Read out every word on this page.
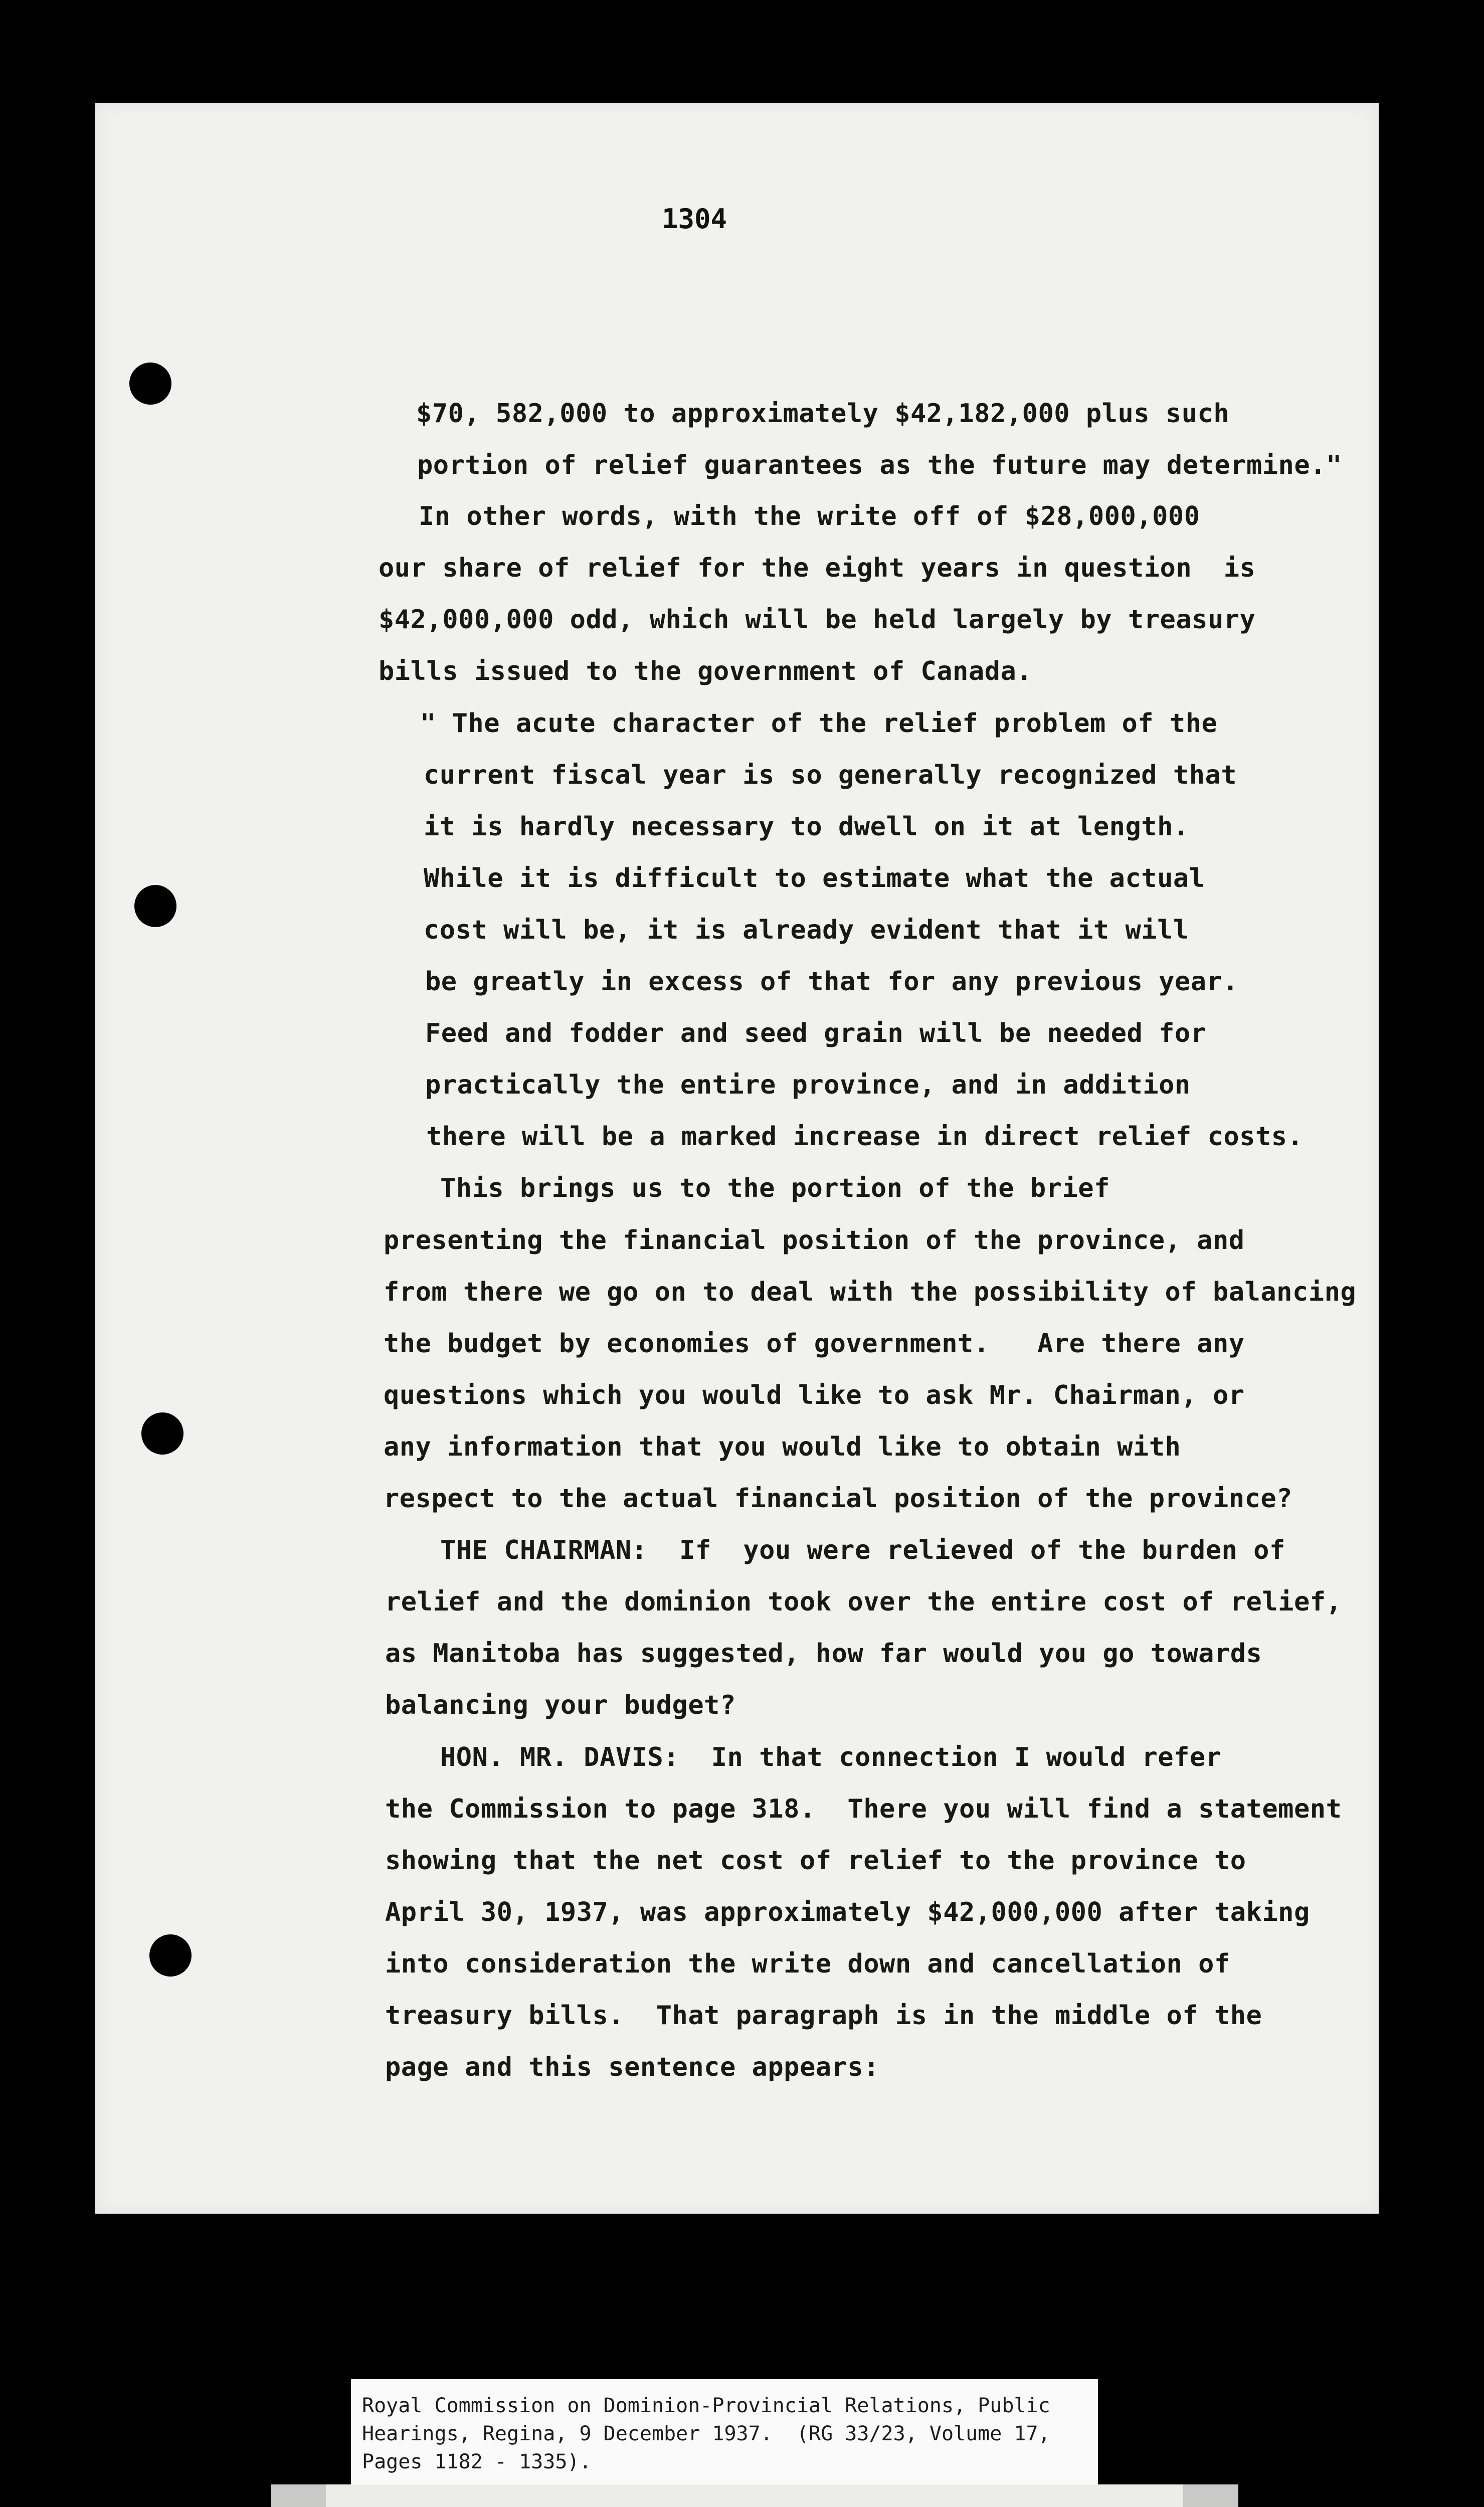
1304
$70, 582,000 to approximately $42,182,000 plus such
portion of relief guarantees as the future may determine."
In other words, with the write off of $28,000,000
our share of relief for the eight years in question  is
$42,000,000 odd, which will be held largely by treasury
bills issued to the government of Canada.
" The acute character of the relief problem of the
current fiscal year is so generally recognized that
it is hardly necessary to dwell on it at length.
While it is difficult to estimate what the actual
cost will be, it is already evident that it will
be greatly in excess of that for any previous year.
Feed and fodder and seed grain will be needed for
practically the entire province, and in addition
there will be a marked increase in direct relief costs.
This brings us to the portion of the brief
presenting the financial position of the province, and
from there we go on to deal with the possibility of balancing
the budget by economies of government.   Are there any
questions which you would like to ask Mr. Chairman, or
any information that you would like to obtain with
respect to the actual financial position of the province?
THE CHAIRMAN:  If  you were relieved of the burden of
relief and the dominion took over the entire cost of relief,
as Manitoba has suggested, how far would you go towards
balancing your budget?
HON. MR. DAVIS:  In that connection I would refer
the Commission to page 318.  There you will find a statement
showing that the net cost of relief to the province to
April 30, 1937, was approximately $42,000,000 after taking
into consideration the write down and cancellation of
treasury bills.  That paragraph is in the middle of the
page and this sentence appears:
Royal Commission on Dominion-Provincial Relations, Public
Hearings, Regina, 9 December 1937.  (RG 33/23, Volume 17,
Pages 1182 - 1335).
